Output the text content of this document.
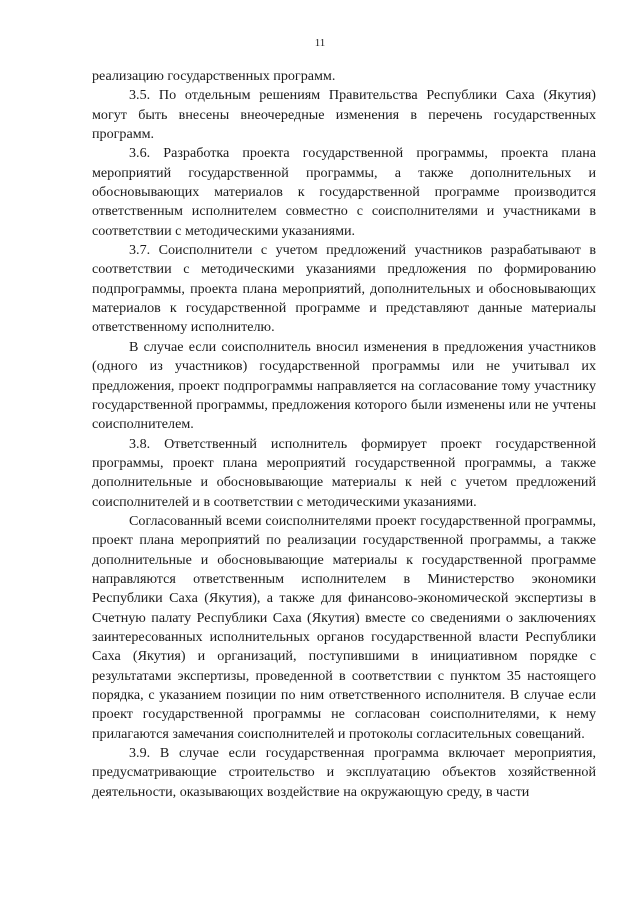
11

реализацию государственных программ.

3.5. По отдельным решениям Правительства Республики Саха (Якутия) могут быть внесены внеочередные изменения в перечень государственных программ.

3.6. Разработка проекта государственной программы, проекта плана мероприятий государственной программы, а также дополнительных и обосновывающих материалов к государственной программе производится ответственным исполнителем совместно с соисполнителями и участниками в соответствии с методическими указаниями.

3.7. Соисполнители с учетом предложений участников разрабатывают в соответствии с методическими указаниями предложения по формированию подпрограммы, проекта плана мероприятий, дополнительных и обосновывающих материалов к государственной программе и представляют данные материалы ответственному исполнителю.

В случае если соисполнитель вносил изменения в предложения участников (одного из участников) государственной программы или не учитывал их предложения, проект подпрограммы направляется на согласование тому участнику государственной программы, предложения которого были изменены или не учтены соисполнителем.

3.8. Ответственный исполнитель формирует проект государственной программы, проект плана мероприятий государственной программы, а также дополнительные и обосновывающие материалы к ней с учетом предложений соисполнителей и в соответствии с методическими указаниями.

Согласованный всеми соисполнителями проект государственной программы, проект плана мероприятий по реализации государственной программы, а также дополнительные и обосновывающие материалы к государственной программе направляются ответственным исполнителем в Министерство экономики Республики Саха (Якутия), а также для финансово-экономической экспертизы в Счетную палату Республики Саха (Якутия) вместе со сведениями о заключениях заинтересованных исполнительных органов государственной власти Республики Саха (Якутия) и организаций, поступившими в инициативном порядке с результатами экспертизы, проведенной в соответствии с пунктом 35 настоящего порядка, с указанием позиции по ним ответственного исполнителя. В случае если проект государственной программы не согласован соисполнителями, к нему прилагаются замечания соисполнителей и протоколы согласительных совещаний.

3.9. В случае если государственная программа включает мероприятия, предусматривающие строительство и эксплуатацию объектов хозяйственной деятельности, оказывающих воздействие на окружающую среду, в части
